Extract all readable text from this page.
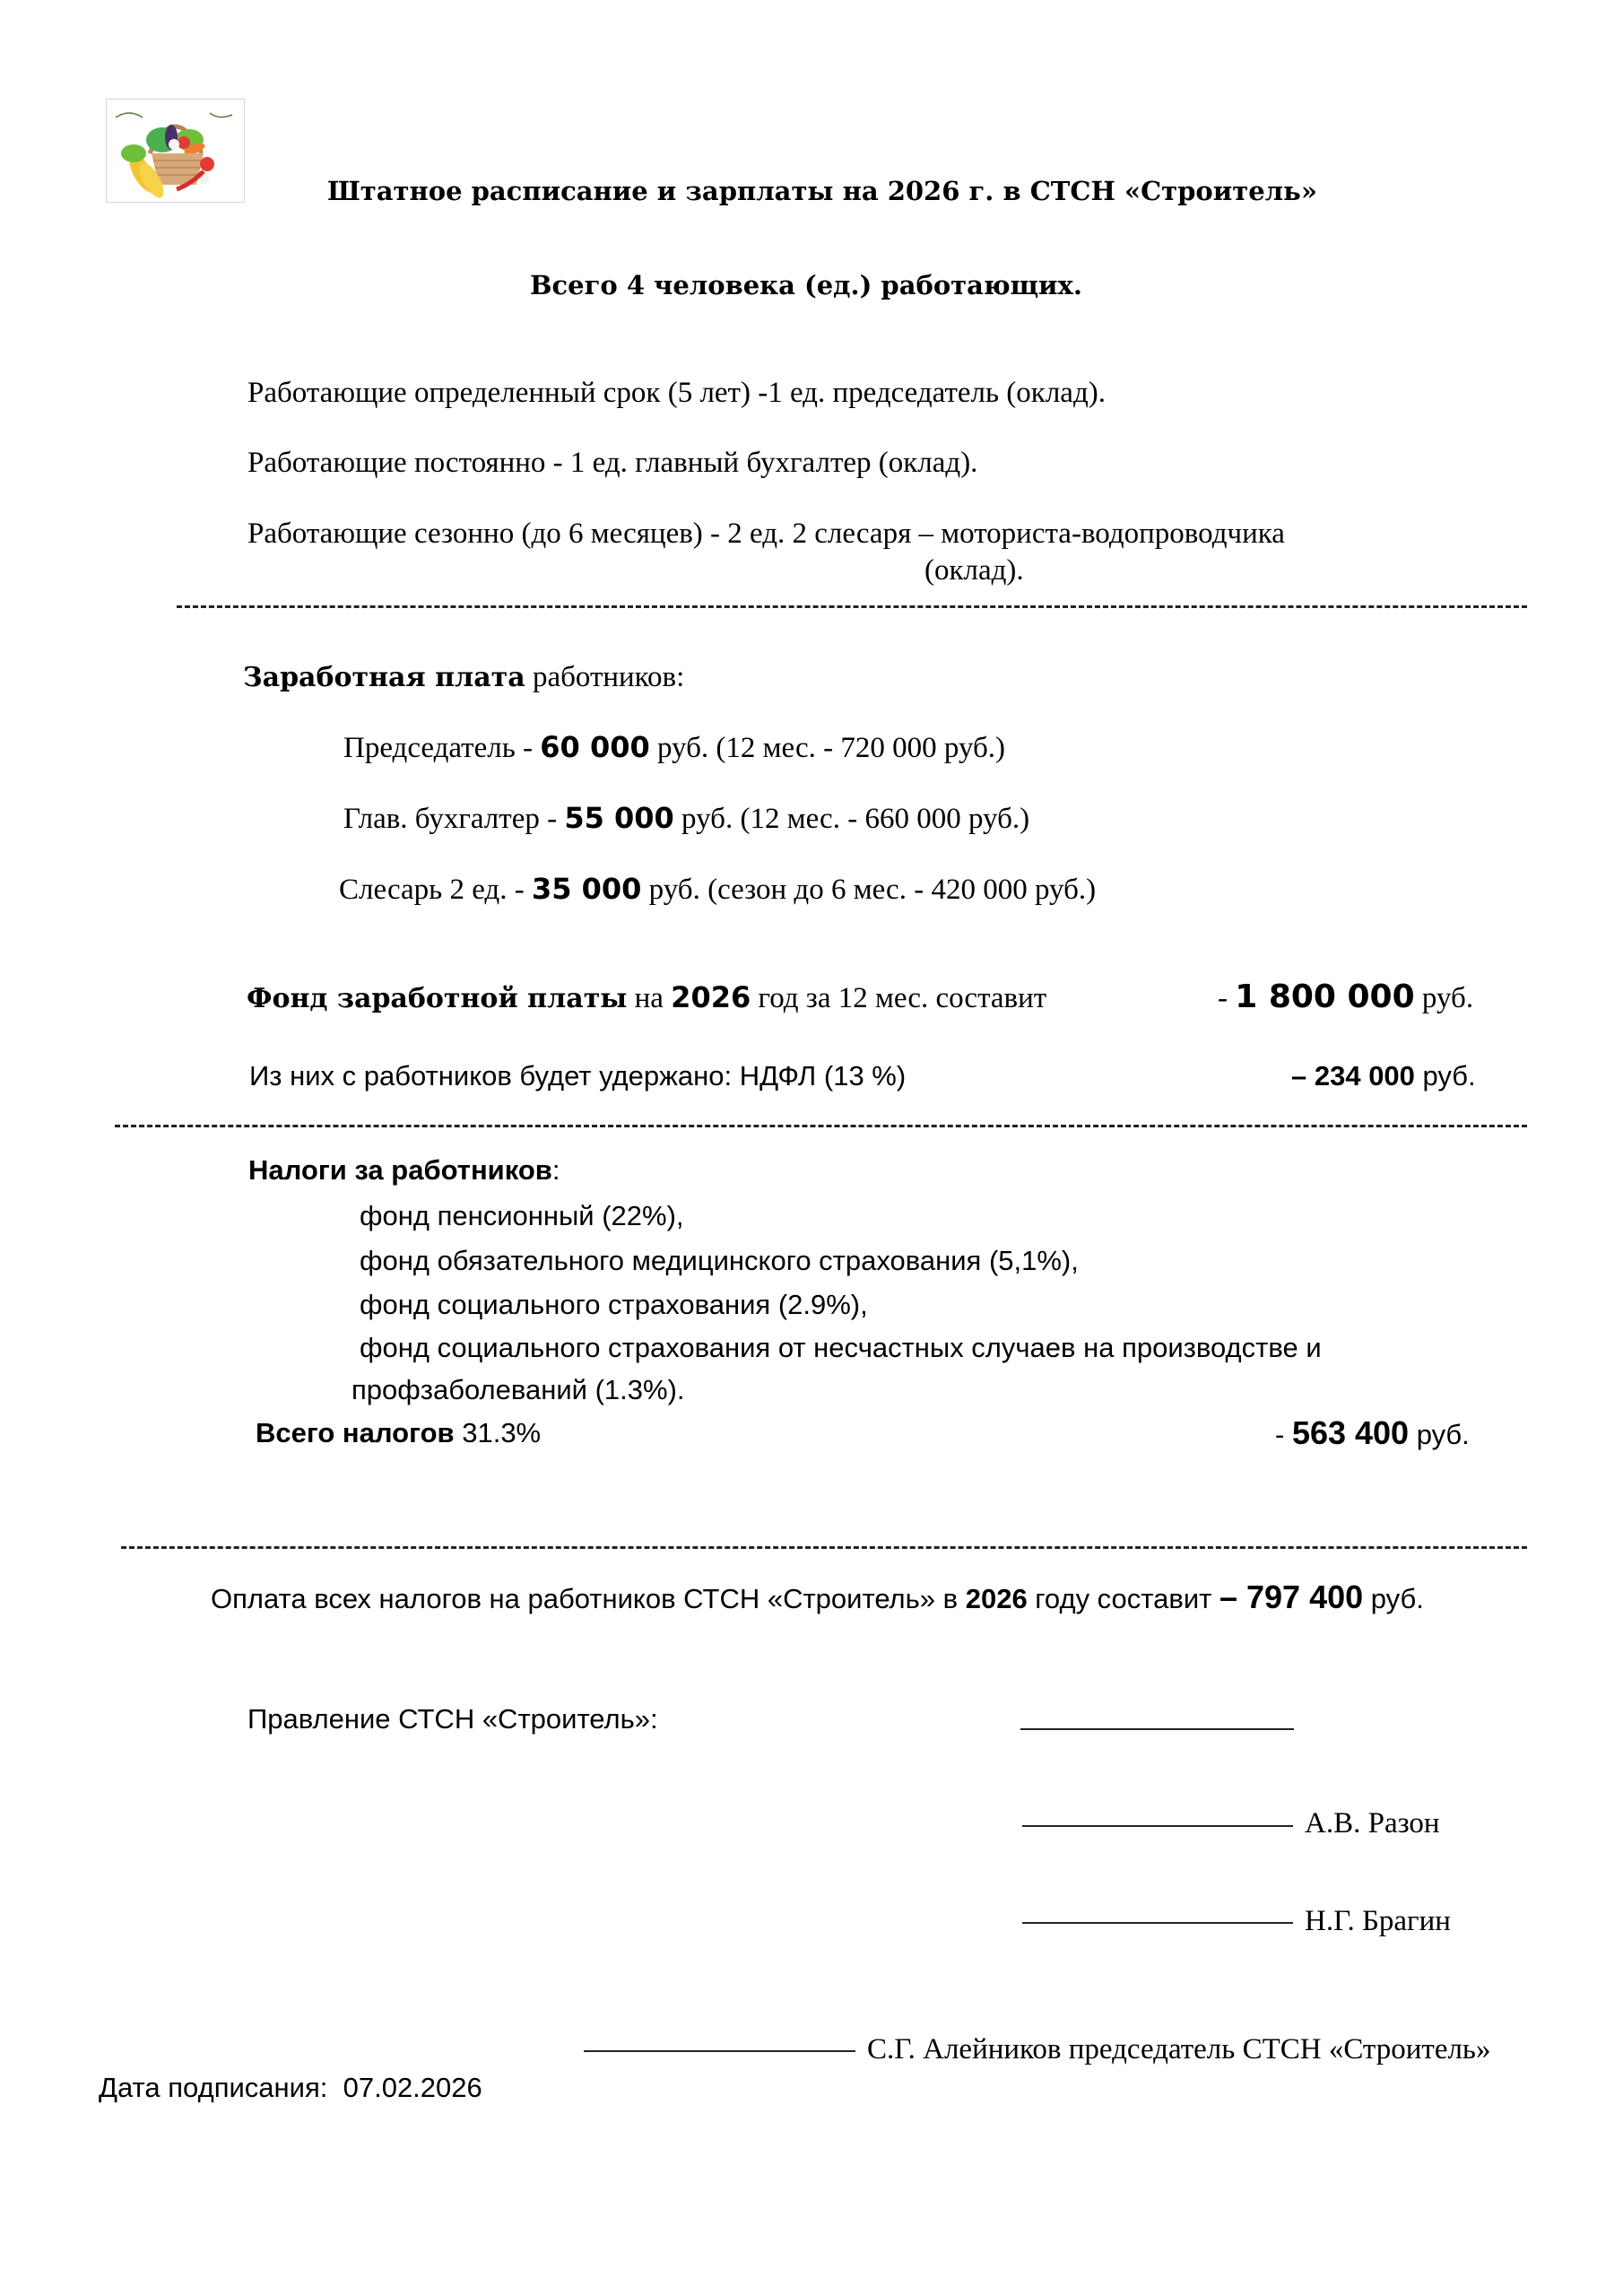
Штатное расписание и зарплаты на 2026 г. в СТСН «Строитель»
Всего 4 человека (ед.) работающих.
Работающие определенный срок (5 лет) -1 ед. председатель (оклад).
Работающие постоянно - 1 ед. главный бухгалтер (оклад).
Работающие сезонно (до 6 месяцев) - 2 ед. 2 слесаря – моториста-водопроводчика
(оклад).
Заработная плата работников:
Председатель - 60 000 руб. (12 мес. - 720 000 руб.)
Глав. бухгалтер - 55 000 руб. (12 мес. - 660 000 руб.)
Слесарь 2 ед. - 35 000 руб. (сезон до 6 мес. - 420 000 руб.)
Фонд заработной платы на 2026 год за 12 мес. составит	- 1 800 000 руб.
Из них с работников будет удержано: НДФЛ (13 %)	– 234 000 руб.
Налоги за работников:
фонд пенсионный (22%),
фонд обязательного медицинского страхования (5,1%),
фонд социального страхования (2.9%),
фонд социального страхования от несчастных случаев на производстве и
профзаболеваний (1.3%).
Всего налогов 31.3%	- 563 400 руб.
Оплата всех налогов на работников СТСН «Строитель» в 2026 году составит – 797 400 руб.
Правление СТСН «Строитель»:
А.В. Разон
Н.Г. Брагин
С.Г. Алейников председатель СТСН «Строитель»
Дата подписания: 07.02.2026
